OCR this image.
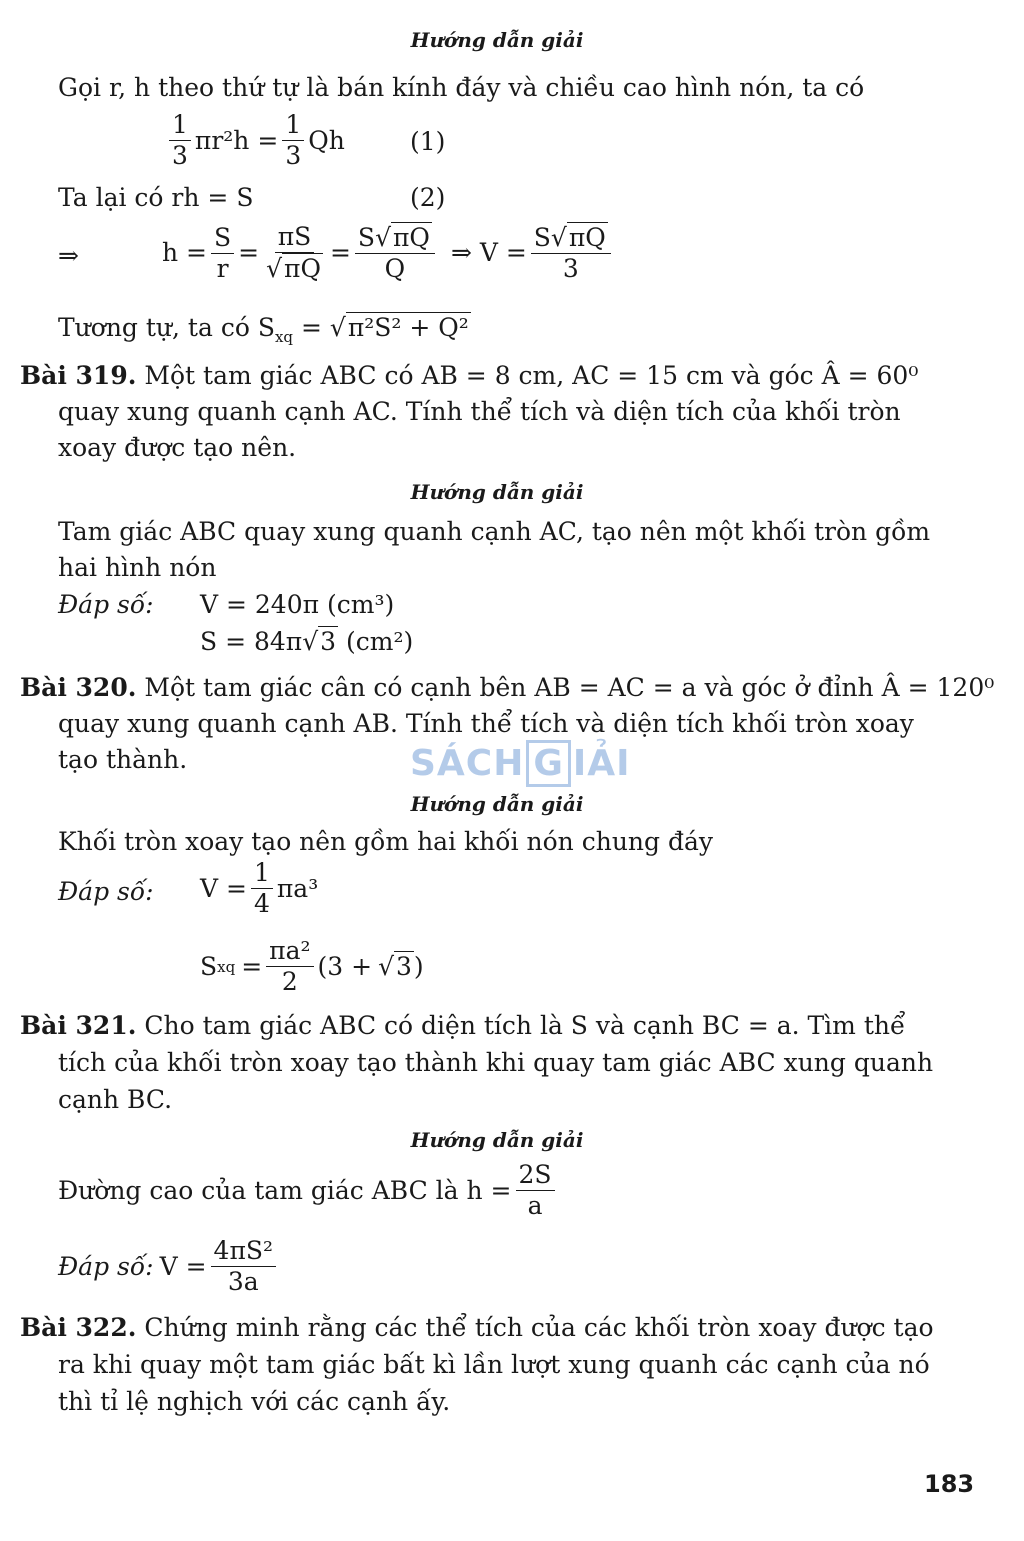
Hướng dẫn giải
Gọi r, h theo thứ tự là bán kính đáy và chiều cao hình nón, ta có
$\frac{1}{3} \pi r^2h = \frac{1}{3}$ Qh	(1)
Ta lại có rh = S	(2)
⇒	$h = \frac{S}{r} = \frac{\pi S}{√\pi Q} = \frac{S√\pi Q}{Q}$ ⇒ $V = \frac{S√\pi Q}{3}$
Tương tự, ta có $S_{xq} = √\pi^2S^2 + Q^2$
Bài 319. Một tam giác ABC có AB = 8 cm, AC = 15 cm và góc Â = 60⁰
quay xung quanh cạnh AC. Tính thể tích và diện tích của khối tròn
xoay được tạo nên.
Hướng dẫn giải
Tam giác ABC quay xung quanh cạnh AC, tạo nên một khối tròn gồm
hai hình nón
Đáp số: V = 240π (cm³)
S = 84π√3 (cm²)
Bài 320. Một tam giác cân có cạnh bên AB = AC = a và góc ở đỉnh Â = 120⁰
quay xung quanh cạnh AB. Tính thể tích và diện tích khối tròn xoay
tạo thành.	SÁCH G IẢI
Hướng dẫn giải
Khối tròn xoay tạo nên gồm hai khối nón chung đáy
Đáp số: $V = \frac{1}{4} \pi a^3$
S xq = $\frac{\text{πa²}}{2} (3 + √3$ )
Bài 321. Cho tam giác ABC có diện tích là S và cạnh BC = a. Tìm thể
tích của khối tròn xoay tạo thành khi quay tam giác ABC xung quanh
cạnh BC.
Hướng dẫn giải
Đường cao của tam giác ABC là $h = \frac{2S}{a}$
Đáp số: $V = \frac{\text{4πS²}}{3a}$
Bài 322. Chứng minh rằng các thể tích của các khối tròn xoay được tạo
ra khi quay một tam giác bất kì lần lượt xung quanh các cạnh của nó
thì tỉ lệ nghịch với các cạnh ấy.
183
